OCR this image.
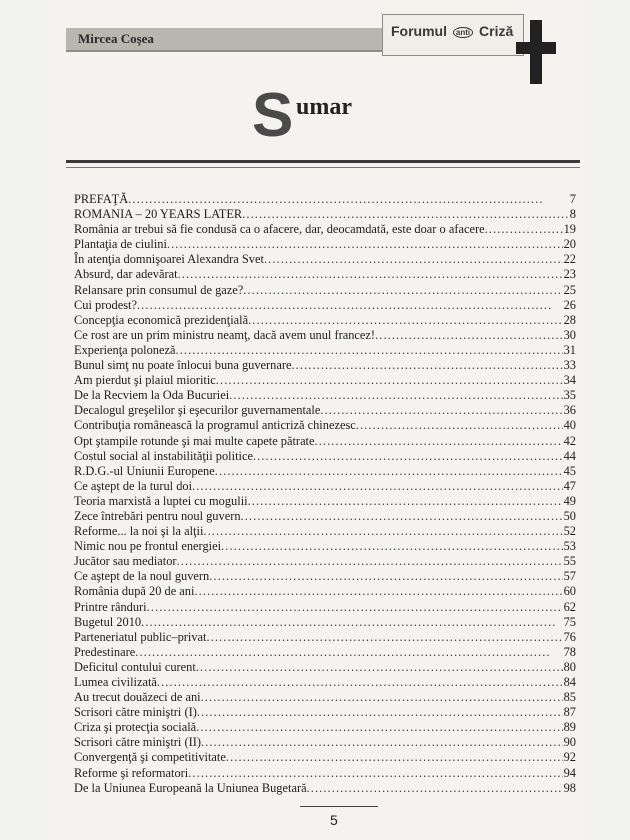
Mircea Coşea	Forumul anti Criză
S umar
PREFAŢĂ . . .	7
ROMANIA – 20 YEARS LATER . . .	8
România ar trebui să fie condusă ca o afacere, dar, deocamdată, este doar o afacere . . .	19
Plantaţia de ciulini . . .	20
În atenţia domnişoarei Alexandra Svet . . .	22
Absurd, dar adevărat . . .	23
Relansare prin consumul de gaze? . . .	25
Cui prodest? . . .	26
Concepţia economică prezidenţială . . .	28
Ce rost are un prim ministru neamţ, dacă avem unul francez! . . .	30
Experienţa poloneză . . .	31
Bunul simţ nu poate înlocui buna guvernare . . .	33
Am pierdut şi plaiul mioritic . . .	34
De la Recviem la Oda Bucuriei . . .	35
Decalogul greşelilor şi eşecurilor guvernamentale . . .	36
Contribuţia românească la programul anticriză chinezesc . . .	40
Opt ştampile rotunde şi mai multe capete pătrate . . .	42
Costul social al instabilităţii politice . . .	44
R.D.G.-ul Uniunii Europene . . .	45
Ce aştept de la turul doi . . .	47
Teoria marxistă a luptei cu mogulii . . .	49
Zece întrebări pentru noul guvern . . .	50
Reforme... la noi şi la alţii . . .	52
Nimic nou pe frontul energiei . . .	53
Jucător sau mediator . . .	55
Ce aştept de la noul guvern . . .	57
România după 20 de ani . . .	60
Printre rânduri . . .	62
Bugetul 2010 . . .	75
Parteneriatul public–privat . . .	76
Predestinare . . .	78
Deficitul contului curent . . .	80
Lumea civilizată . . .	84
Au trecut douăzeci de ani . . .	85
Scrisori către miniştri (I) . . .	87
Criza şi protecţia socială . . .	89
Scrisori către miniştri (II) . . .	90
Convergenţă şi competitivitate . . .	92
Reforme şi reformatori . . .	94
De la Uniunea Europeană la Uniunea Bugetară . . .	98
5
